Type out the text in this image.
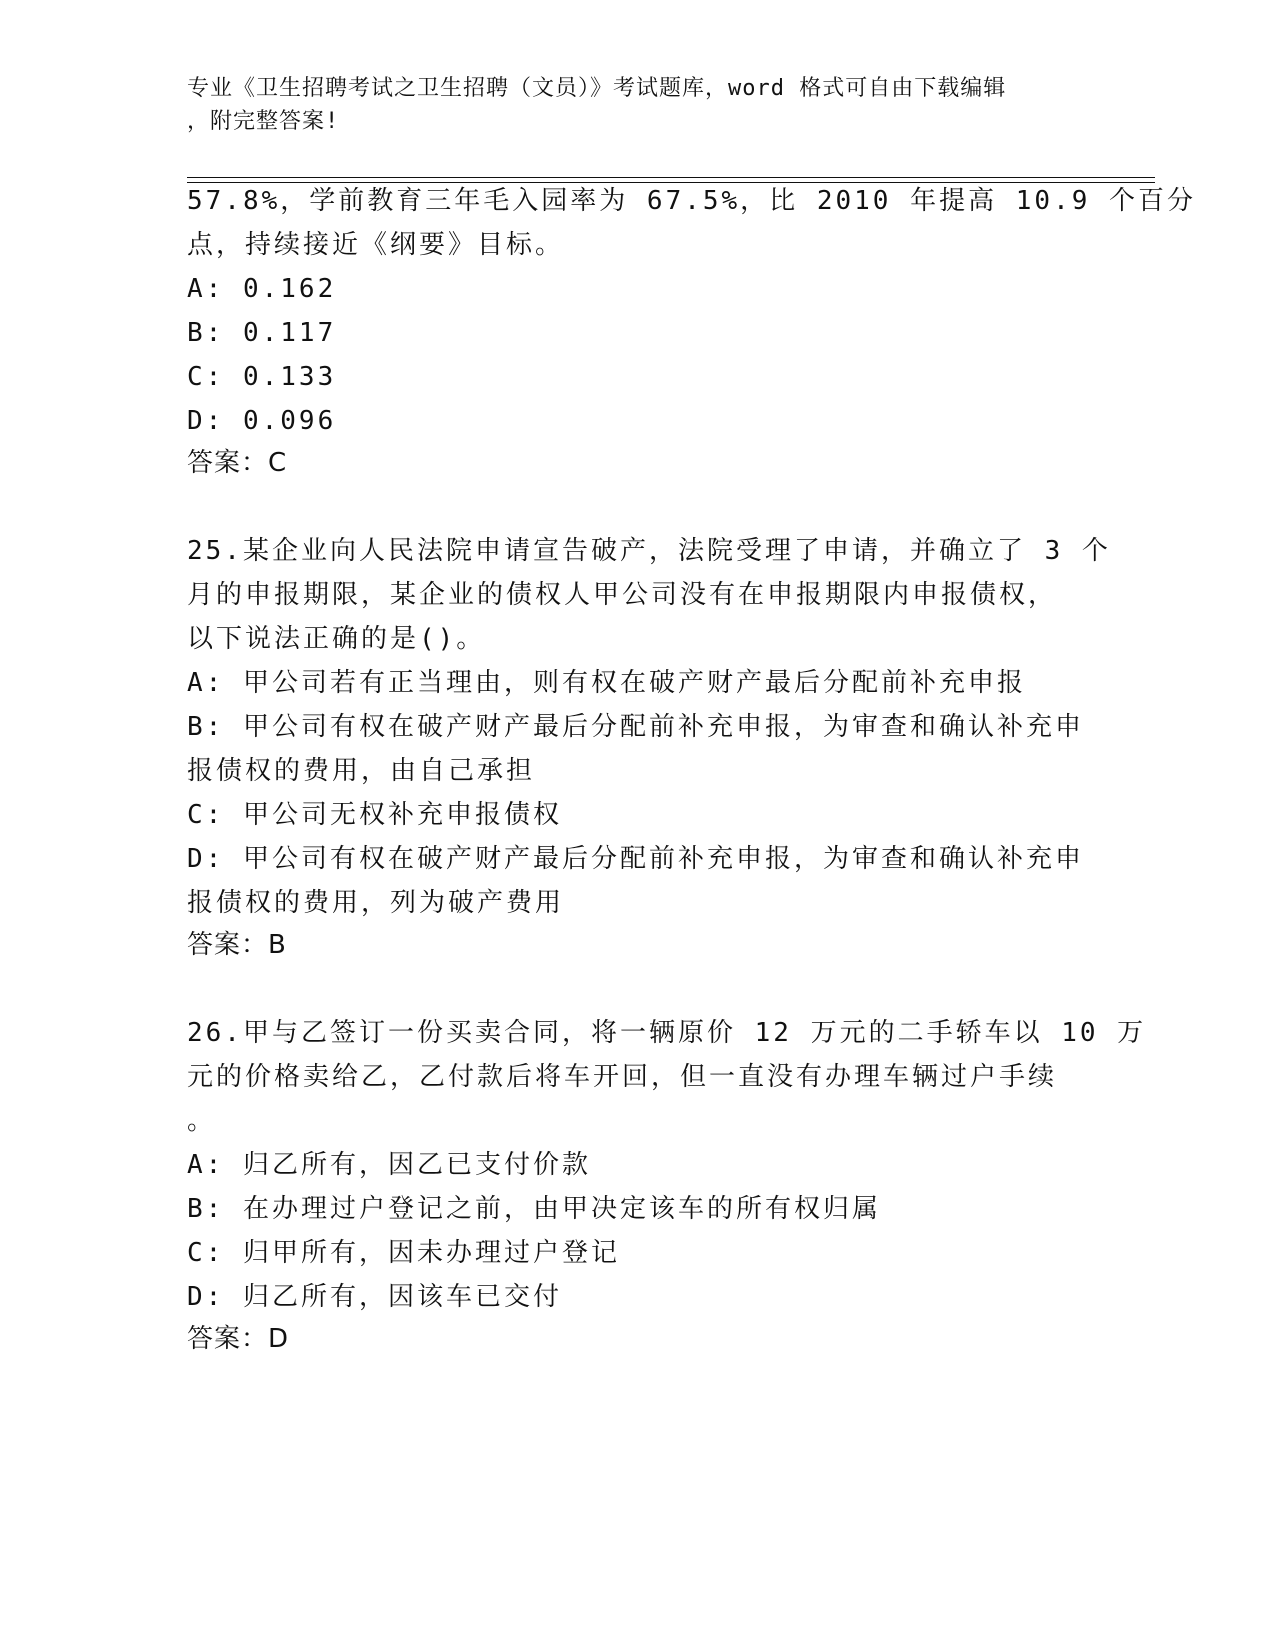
专业《卫生招聘考试之卫生招聘（文员）》考试题库，word 格式可自由下载编辑
，附完整答案!
57.8%，学前教育三年毛入园率为 67.5%，比 2010 年提高 10.9 个百分
点，持续接近《纲要》目标。
A: 0.162
B: 0.117
C: 0.133
D: 0.096
答案：C
25.某企业向人民法院申请宣告破产，法院受理了申请，并确立了 3 个
月的申报期限，某企业的债权人甲公司没有在申报期限内申报债权，
以下说法正确的是()。
A: 甲公司若有正当理由，则有权在破产财产最后分配前补充申报
B: 甲公司有权在破产财产最后分配前补充申报，为审查和确认补充申
报债权的费用，由自己承担
C: 甲公司无权补充申报债权
D: 甲公司有权在破产财产最后分配前补充申报，为审查和确认补充申
报债权的费用，列为破产费用
答案：B
26.甲与乙签订一份买卖合同，将一辆原价 12 万元的二手轿车以 10 万
元的价格卖给乙，乙付款后将车开回，但一直没有办理车辆过户手续
。
A: 归乙所有，因乙已支付价款
B: 在办理过户登记之前，由甲决定该车的所有权归属
C: 归甲所有，因未办理过户登记
D: 归乙所有，因该车已交付
答案：D
